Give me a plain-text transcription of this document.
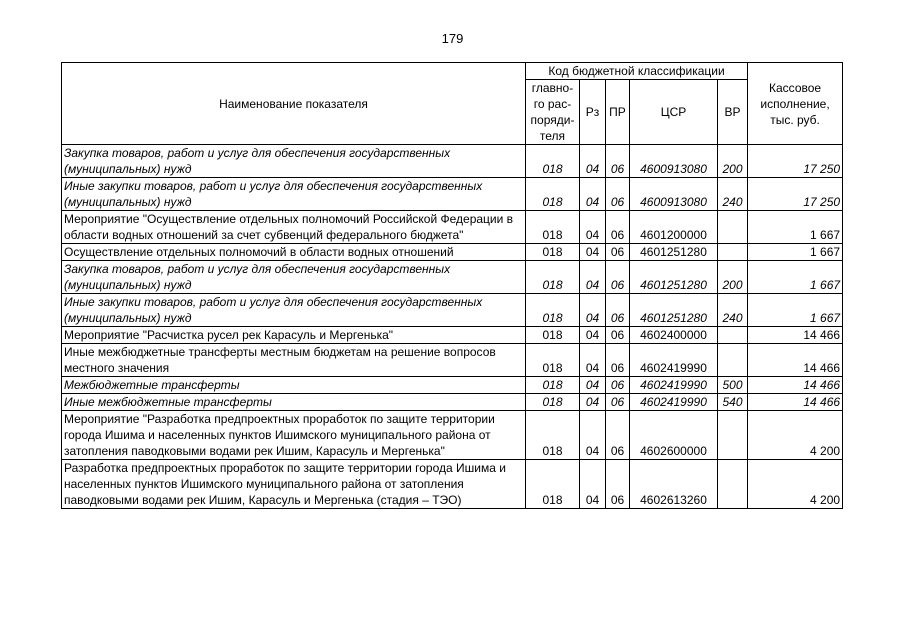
179
Наименование показателя	Код бюджетной классификации					Кассовое исполнение, тыс. руб.
	главно-го рас-поряди-теля	Рз	ПР	ЦСР	ВР	
Закупка товаров, работ и услуг для обеспечения государственных (муниципальных) нужд	018	04	06	4600913080	200	17 250
Иные закупки товаров, работ и услуг для обеспечения государственных (муниципальных) нужд	018	04	06	4600913080	240	17 250
Мероприятие "Осуществление отдельных полномочий Российской Федерации в области водных отношений за счет субвенций федерального бюджета"	018	04	06	4601200000		1 667
Осуществление отдельных полномочий в области водных отношений	018	04	06	4601251280		1 667
Закупка товаров, работ и услуг для обеспечения государственных (муниципальных) нужд	018	04	06	4601251280	200	1 667
Иные закупки товаров, работ и услуг для обеспечения государственных (муниципальных) нужд	018	04	06	4601251280	240	1 667
Мероприятие "Расчистка русел рек Карасуль и Мергенька"	018	04	06	4602400000		14 466
Иные межбюджетные трансферты местным бюджетам на решение вопросов местного значения	018	04	06	4602419990		14 466
Межбюджетные трансферты	018	04	06	4602419990	500	14 466
Иные межбюджетные трансферты	018	04	06	4602419990	540	14 466
Мероприятие "Разработка предпроектных проработок по защите территории города Ишима и населенных пунктов Ишимского муниципального района от затопления паводковыми водами рек Ишим, Карасуль и Мергенька"	018	04	06	4602600000		4 200
Разработка предпроектных проработок по защите территории города Ишима и населенных пунктов Ишимского муниципального района от затопления паводковыми водами рек Ишим, Карасуль и Мергенька (стадия – ТЭО)	018	04	06	4602613260		4 200
